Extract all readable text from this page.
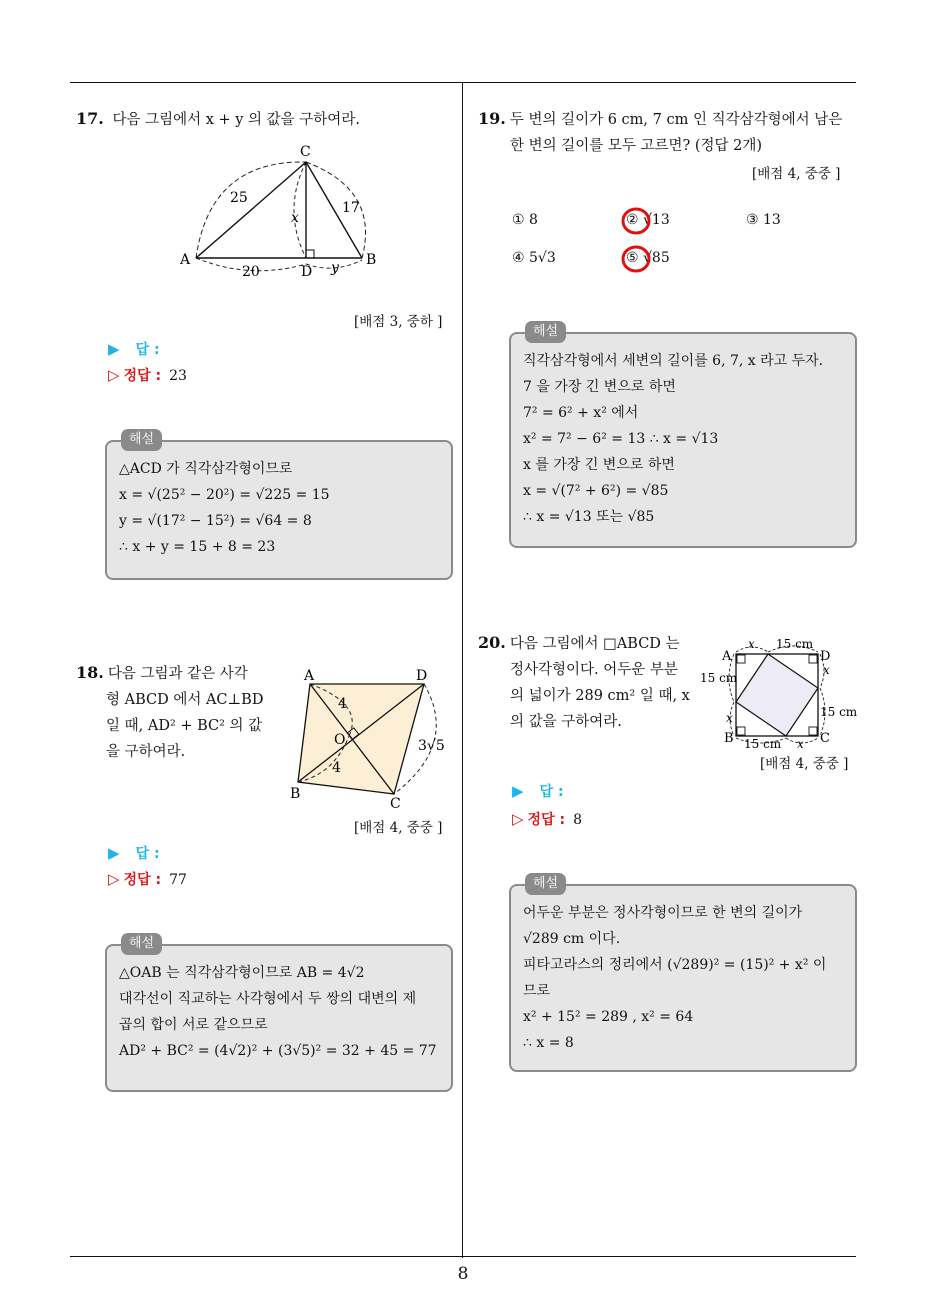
8
17. 다음 그림에서 x + y 의 값을 구하여라.
C
A
D
B
25
17
x
20	y
[배점 3, 중하 ]
▶ 답 :
▷ 정답 : 23
해설
△ACD 가 직각삼각형이므로
x = √(25² − 20²) = √225 = 15
y = √(17² − 15²) = √64 = 8
∴ x + y = 15 + 8 = 23
18. 다음 그림과 같은 사각
형 ABCD 에서 AC⊥BD
일 때, AD² + BC² 의 값
을 구하여라.
A	D
O
B
C
4
4
3√5
[배점 4, 중중 ]
▶ 답 :
▷ 정답 : 77
해설
△OAB 는 직각삼각형이므로 AB = 4√2
대각선이 직교하는 사각형에서 두 쌍의 대변의 제
곱의 합이 서로 같으므로
AD² + BC² = (4√2)² + (3√5)² = 32 + 45 = 77
19. 두 변의 길이가 6 cm, 7 cm 인 직각삼각형에서 남은
한 변의 길이를 모두 고르면? (정답 2개)
[배점 4, 중중 ]
① 8	② √13	③ 13
④ 5√3	⑤ √85
해설
직각삼각형에서 세변의 길이를 6, 7, x 라고 두자.
7 을 가장 긴 변으로 하면
7² = 6² + x² 에서
x² = 7² − 6² = 13 ∴ x = √13
x 를 가장 긴 변으로 하면
x = √(7² + 6²) = √85
∴ x = √13 또는 √85
20. 다음 그림에서 □ABCD 는
정사각형이다. 어두운 부분
의 넓이가 289 cm² 일 때, x
의 값을 구하여라.
A	D
B	C
x 15 cm
x
15 cm
15 cm
x
15 cm x
[배점 4, 중중 ]
▶ 답 :
▷ 정답 : 8
해설
어두운 부분은 정사각형이므로 한 변의 길이가
√289 cm 이다.
피타고라스의 정리에서 (√289)² = (15)² + x² 이
므로
x² + 15² = 289 , x² = 64
∴ x = 8
